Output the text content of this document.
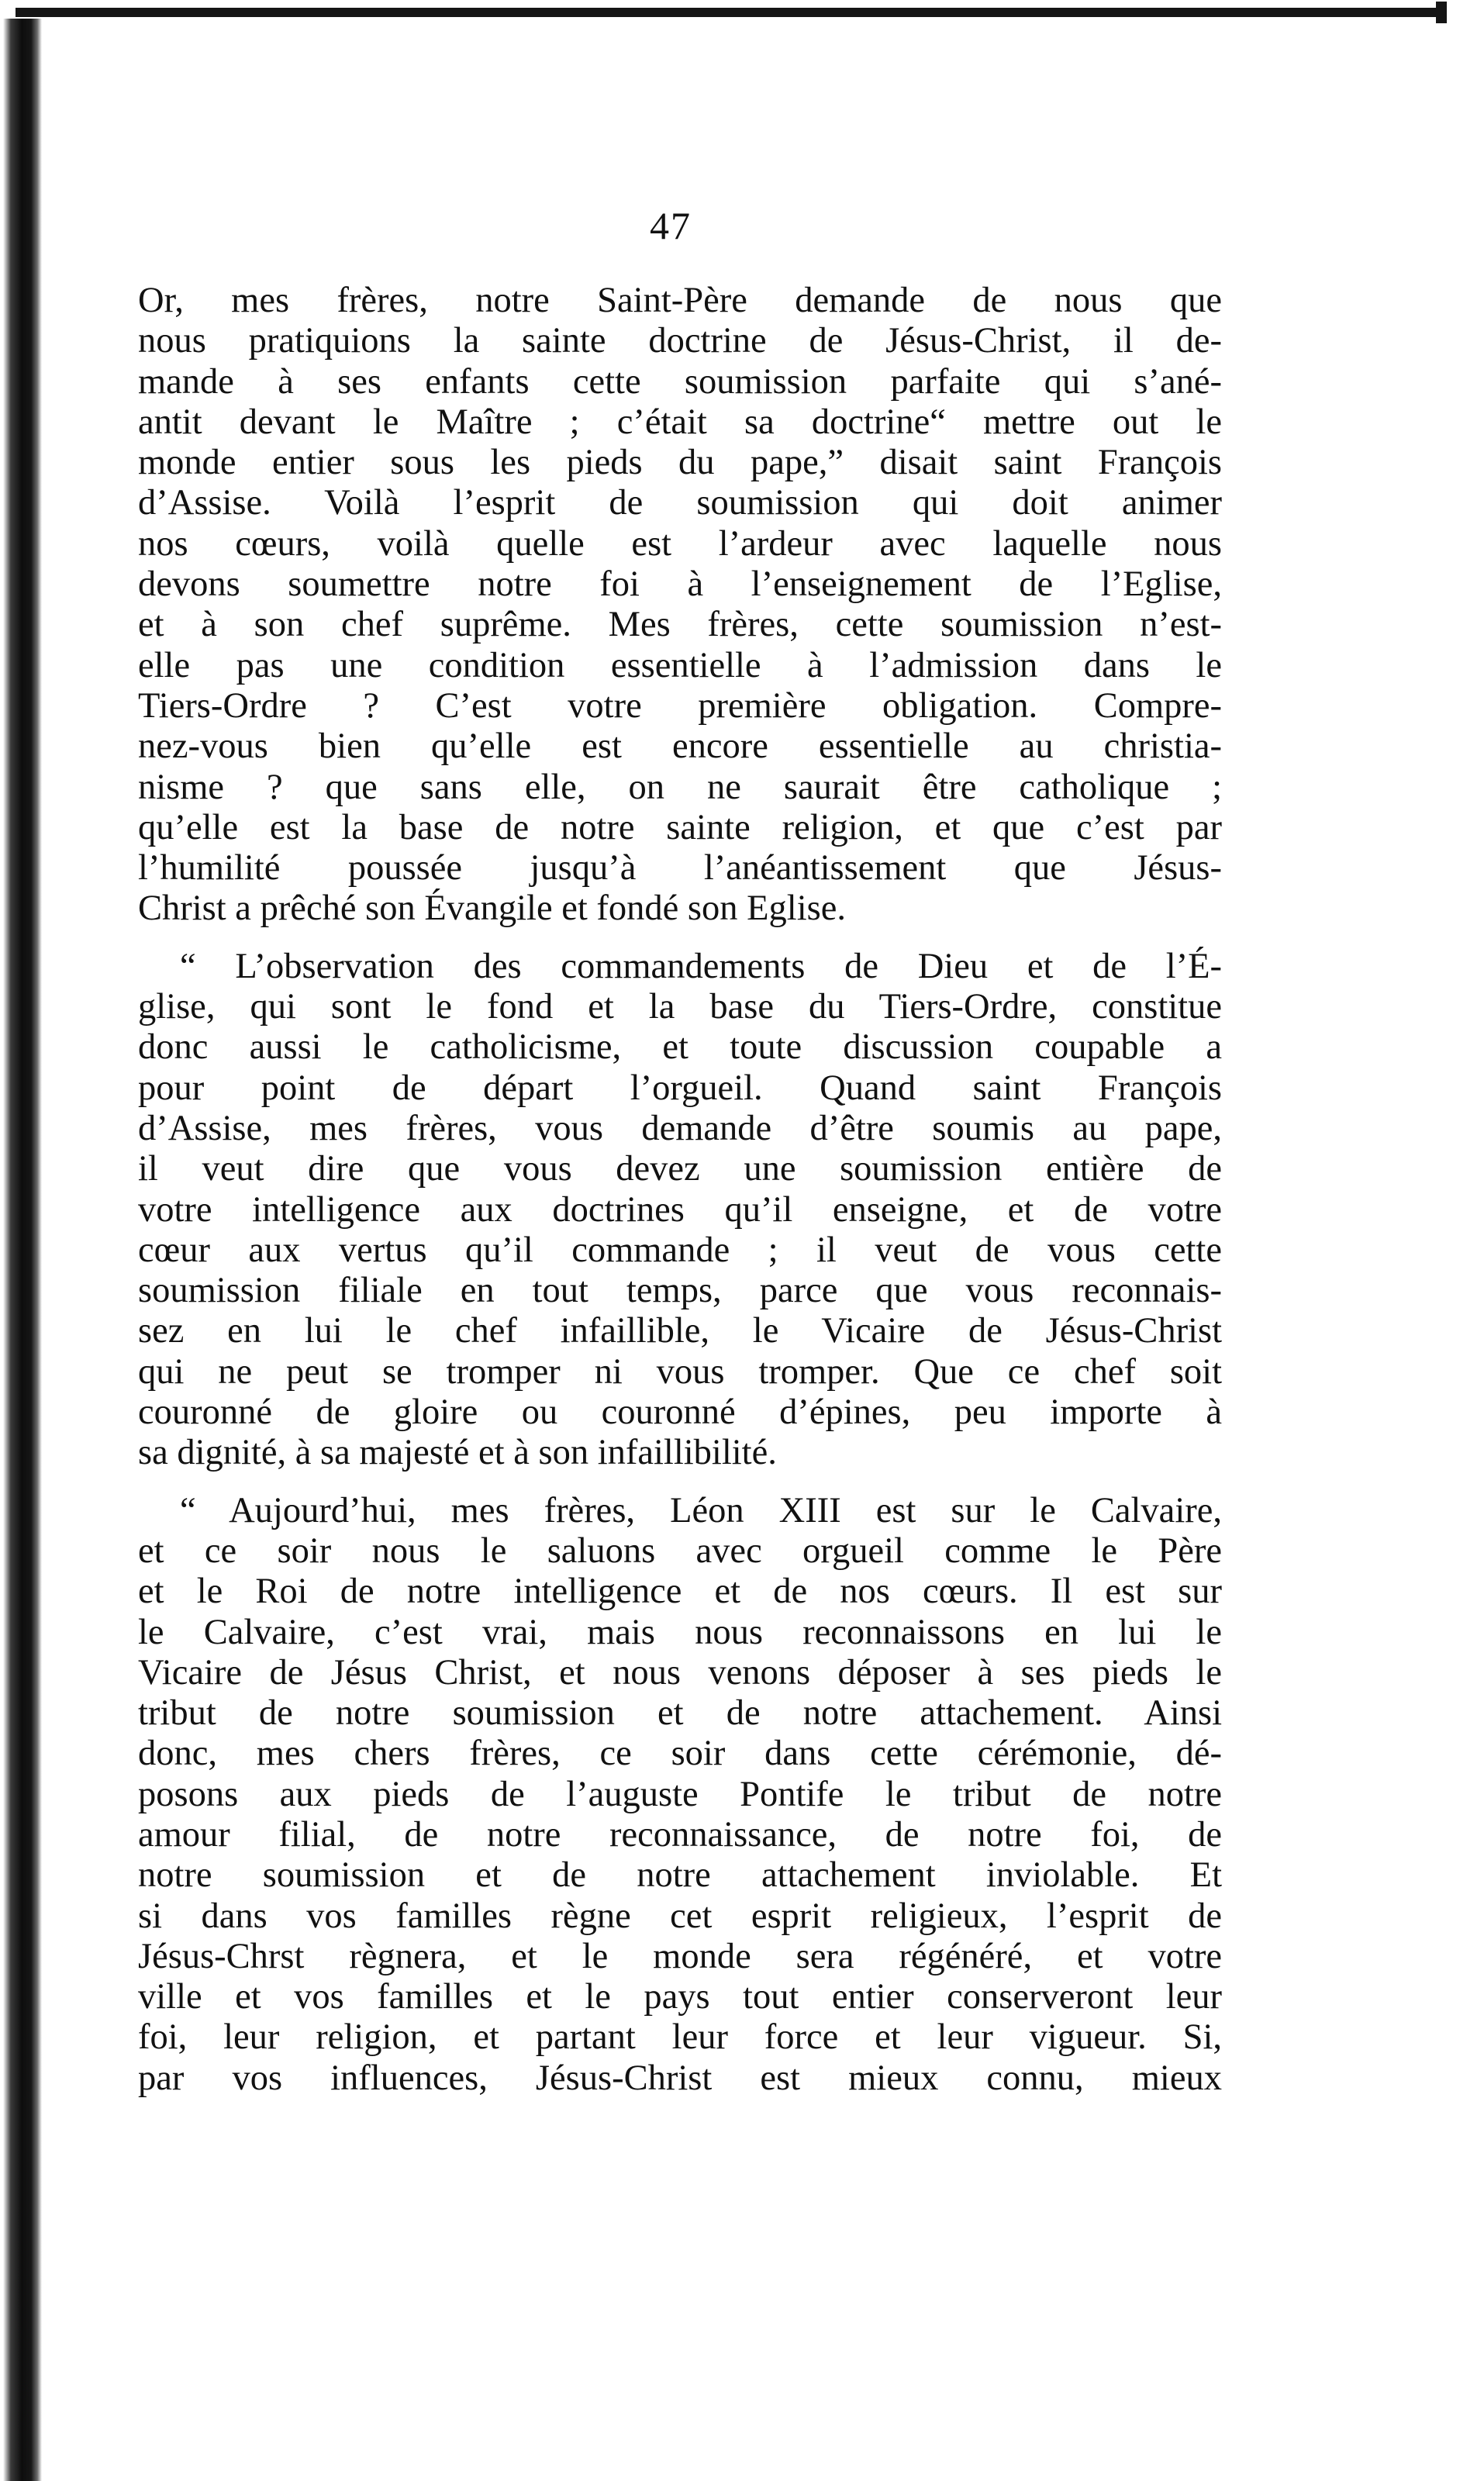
47

Or, mes frères, notre Saint-Père demande de nous que
nous pratiquions la sainte doctrine de Jésus-Christ, il de-
mande à ses enfants cette soumission parfaite qui s’ané-
antit devant le Maître ; c’était sa doctrine“ mettre out le
monde entier sous les pieds du pape,” disait saint François
d’Assise. Voilà l’esprit de soumission qui doit animer
nos cœurs, voilà quelle est l’ardeur avec laquelle nous
devons soumettre notre foi à l’enseignement de l’Eglise,
et à son chef suprême. Mes frères, cette soumission n’est-
elle pas une condition essentielle à l’admission dans le
Tiers-Ordre ? C’est votre première obligation. Compre-
nez-vous bien qu’elle est encore essentielle au christia-
nisme ? que sans elle, on ne saurait être catholique ;
qu’elle est la base de notre sainte religion, et que c’est par
l’humilité poussée jusqu’à l’anéantissement que Jésus-
Christ a prêché son Évangile et fondé son Eglise.

“ L’observation des commandements de Dieu et de l’É-
glise, qui sont le fond et la base du Tiers-Ordre, constitue
donc aussi le catholicisme, et toute discussion coupable a
pour point de départ l’orgueil. Quand saint François
d’Assise, mes frères, vous demande d’être soumis au pape,
il veut dire que vous devez une soumission entière de
votre intelligence aux doctrines qu’il enseigne, et de votre
cœur aux vertus qu’il commande ; il veut de vous cette
soumission filiale en tout temps, parce que vous reconnais-
sez en lui le chef infaillible, le Vicaire de Jésus-Christ
qui ne peut se tromper ni vous tromper. Que ce chef soit
couronné de gloire ou couronné d’épines, peu importe à
sa dignité, à sa majesté et à son infaillibilité.

“ Aujourd’hui, mes frères, Léon XIII est sur le Calvaire,
et ce soir nous le saluons avec orgueil comme le Père
et le Roi de notre intelligence et de nos cœurs. Il est sur
le Calvaire, c’est vrai, mais nous reconnaissons en lui le
Vicaire de Jésus Christ, et nous venons déposer à ses pieds le
tribut de notre soumission et de notre attachement. Ainsi
donc, mes chers frères, ce soir dans cette cérémonie, dé-
posons aux pieds de l’auguste Pontife le tribut de notre
amour filial, de notre reconnaissance, de notre foi, de
notre soumission et de notre attachement inviolable. Et
si dans vos familles règne cet esprit religieux, l’esprit de
Jésus-Chrst règnera, et le monde sera régénéré, et votre
ville et vos familles et le pays tout entier conserveront leur
foi, leur religion, et partant leur force et leur vigueur. Si,
par vos influences, Jésus-Christ est mieux connu, mieux
